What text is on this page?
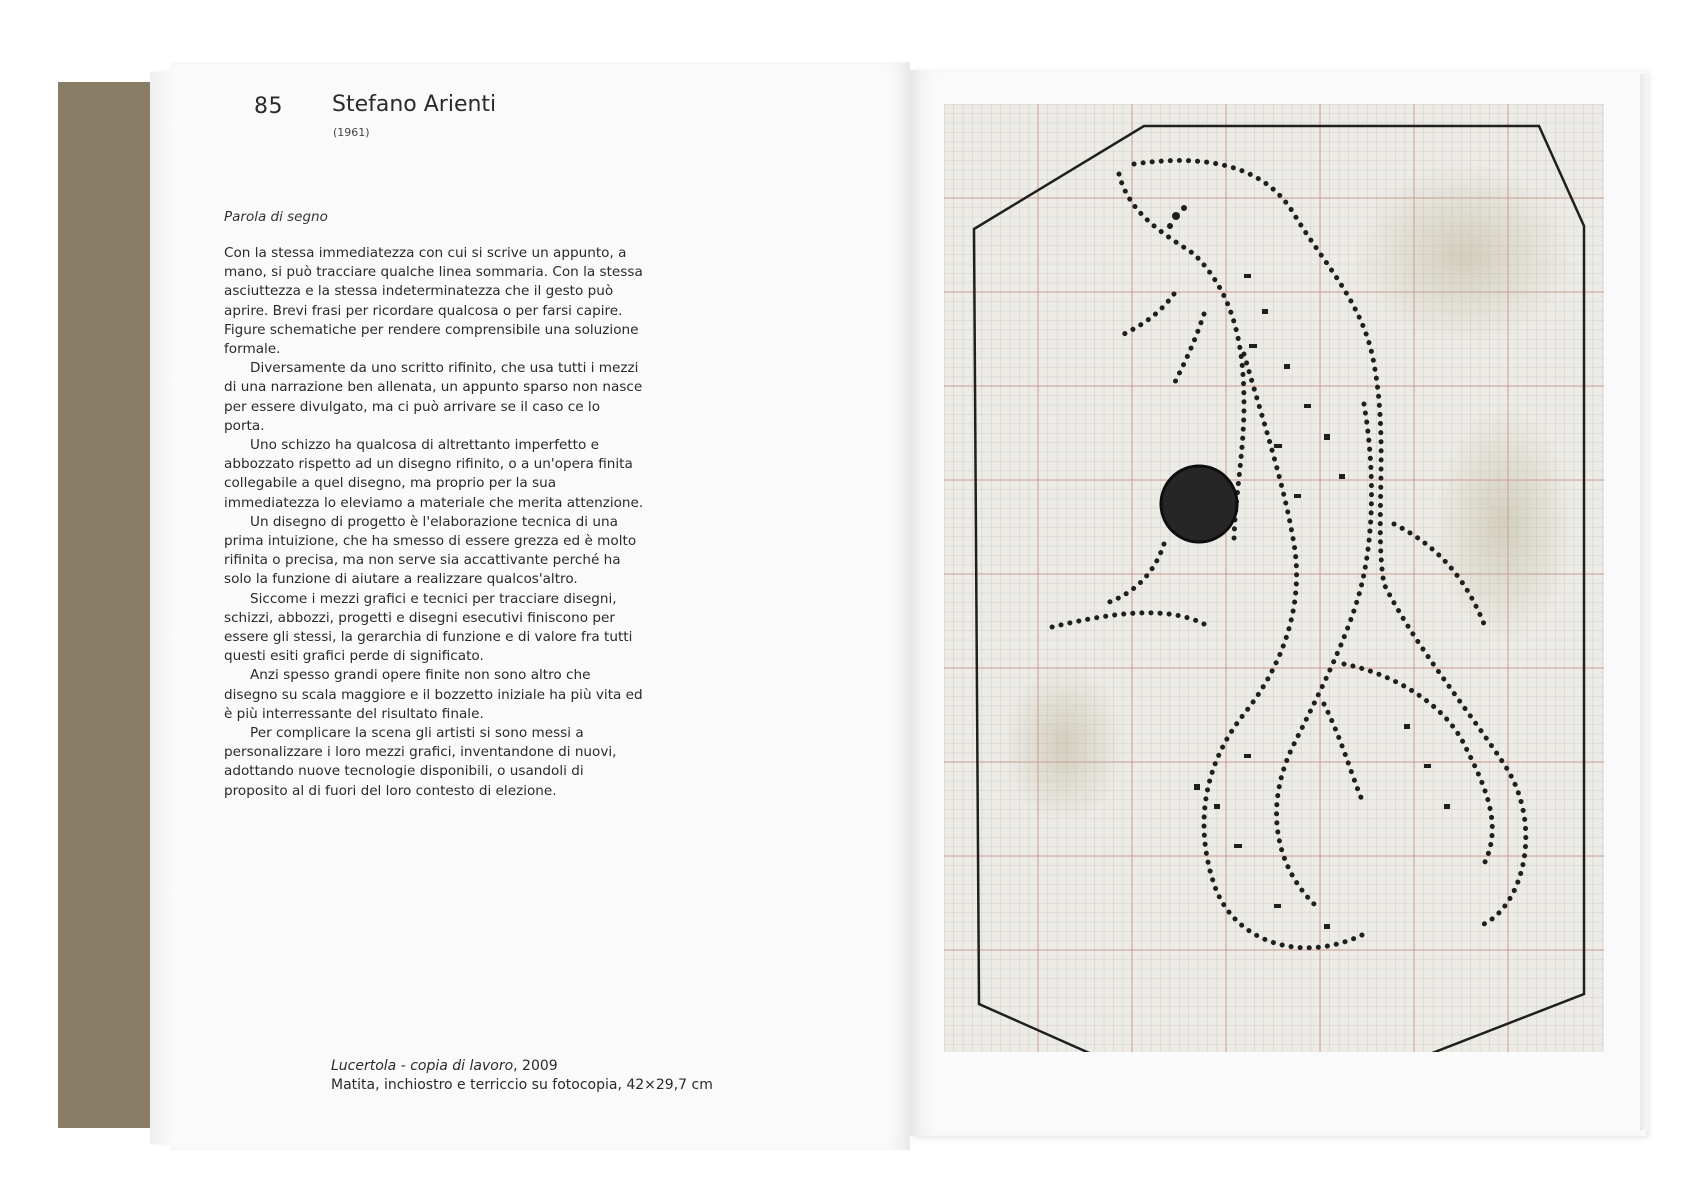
85 Stefano Arienti
(1961)
Parola di segno

Con la stessa immediatezza con cui si scrive un appunto, a mano, si può tracciare qualche linea sommaria. Con la stessa asciuttezza e la stessa indeterminatezza che il gesto può aprire. Brevi frasi per ricordare qualcosa o per farsi capire. Figure schematiche per rendere comprensibile una soluzione formale.

Diversamente da uno scritto rifinito, che usa tutti i mezzi di una narrazione ben allenata, un appunto sparso non nasce per essere divulgato, ma ci può arrivare se il caso ce lo porta.

Uno schizzo ha qualcosa di altrettanto imperfetto e abbozzato rispetto ad un disegno rifinito, o a un'opera finita collegabile a quel disegno, ma proprio per la sua immediatezza lo eleviamo a materiale che merita attenzione.

Un disegno di progetto è l'elaborazione tecnica di una prima intuizione, che ha smesso di essere grezza ed è molto rifinita o precisa, ma non serve sia accattivante perché ha solo la funzione di aiutare a realizzare qualcos'altro.

Siccome i mezzi grafici e tecnici per tracciare disegni, schizzi, abbozzi, progetti e disegni esecutivi finiscono per essere gli stessi, la gerarchia di funzione e di valore fra tutti questi esiti grafici perde di significato.

Anzi spesso grandi opere finite non sono altro che disegno su scala maggiore e il bozzetto iniziale ha più vita ed è più interressante del risultato finale.

Per complicare la scena gli artisti si sono messi a personalizzare i loro mezzi grafici, inventandone di nuovi, adottando nuove tecnologie disponibili, o usandoli di proposito al di fuori del loro contesto di elezione.

Lucertola - copia di lavoro, 2009
Matita, inchiostro e terriccio su fotocopia, 42×29,7 cm
